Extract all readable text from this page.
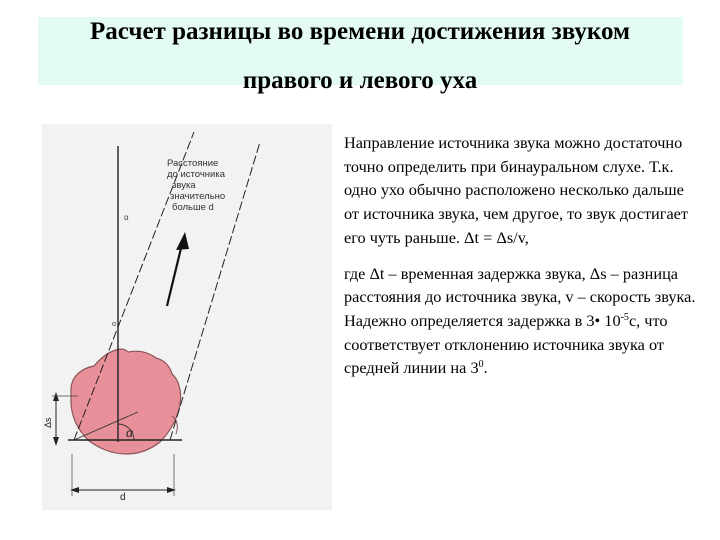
Расчет разницы во времени достижения звуком
правого и левого уха
α
α
α
Расстояние до источника звука значительно больше d
Δs
d

Направление источника звука можно достаточно точно определить при бинауральном слухе. Т.к. одно ухо обычно расположено несколько дальше от источника звука, чем другое, то звук достигает его чуть раньше. Δt = Δs/v,

где Δt – временная задержка звука, Δs – разница расстояния до источника звука, v – скорость звука. Надежно определяется задержка в 3• $10^{-5}с$, что соответствует отклонению источника звука от средней линии на $3^0$.
